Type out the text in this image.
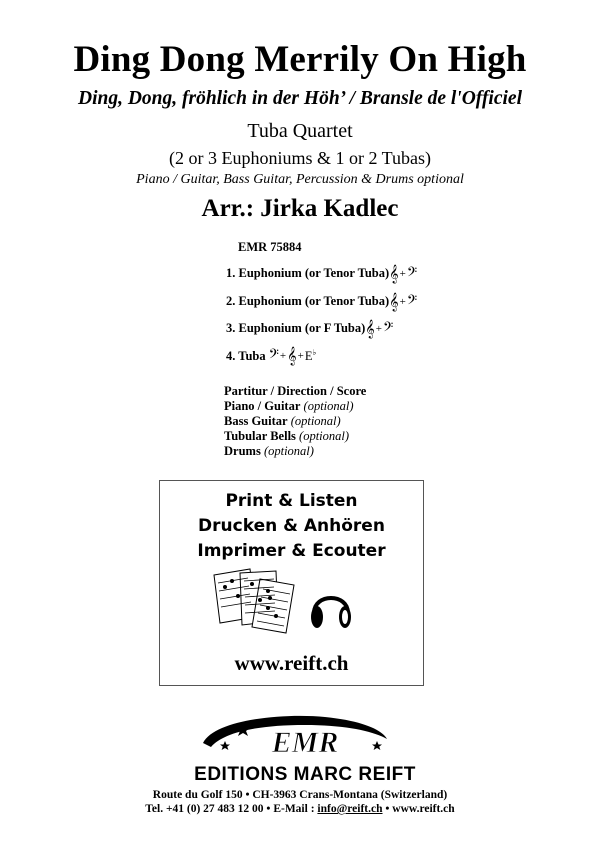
Ding Dong Merrily On High
Ding, Dong, fröhlich in der Höh’ / Bransle de l'Officiel
Tuba Quartet
(2 or 3 Euphoniums & 1 or 2 Tubas)
Piano / Guitar, Bass Guitar, Percussion & Drums optional
Arr.: Jirka Kadlec
EMR 75884
1. Euphonium (or Tenor Tuba) 𝄞 + 𝄢
2. Euphonium (or Tenor Tuba) 𝄞 + 𝄢
3. Euphonium (or F Tuba) 𝄞 + 𝄢
4. Tuba 𝄢 + 𝄞 + E♭
Partitur / Direction / Score
Piano / Guitar (optional)
Bass Guitar (optional)
Tubular Bells (optional)
Drums (optional)
Print & Listen
Drucken & Anhören
Imprimer & Ecouter
www.reift.ch
EMR
EDITIONS MARC REIFT
Route du Golf 150 • CH-3963 Crans-Montana (Switzerland)
Tel. +41 (0) 27 483 12 00 • E-Mail : info@reift.ch • www.reift.ch
